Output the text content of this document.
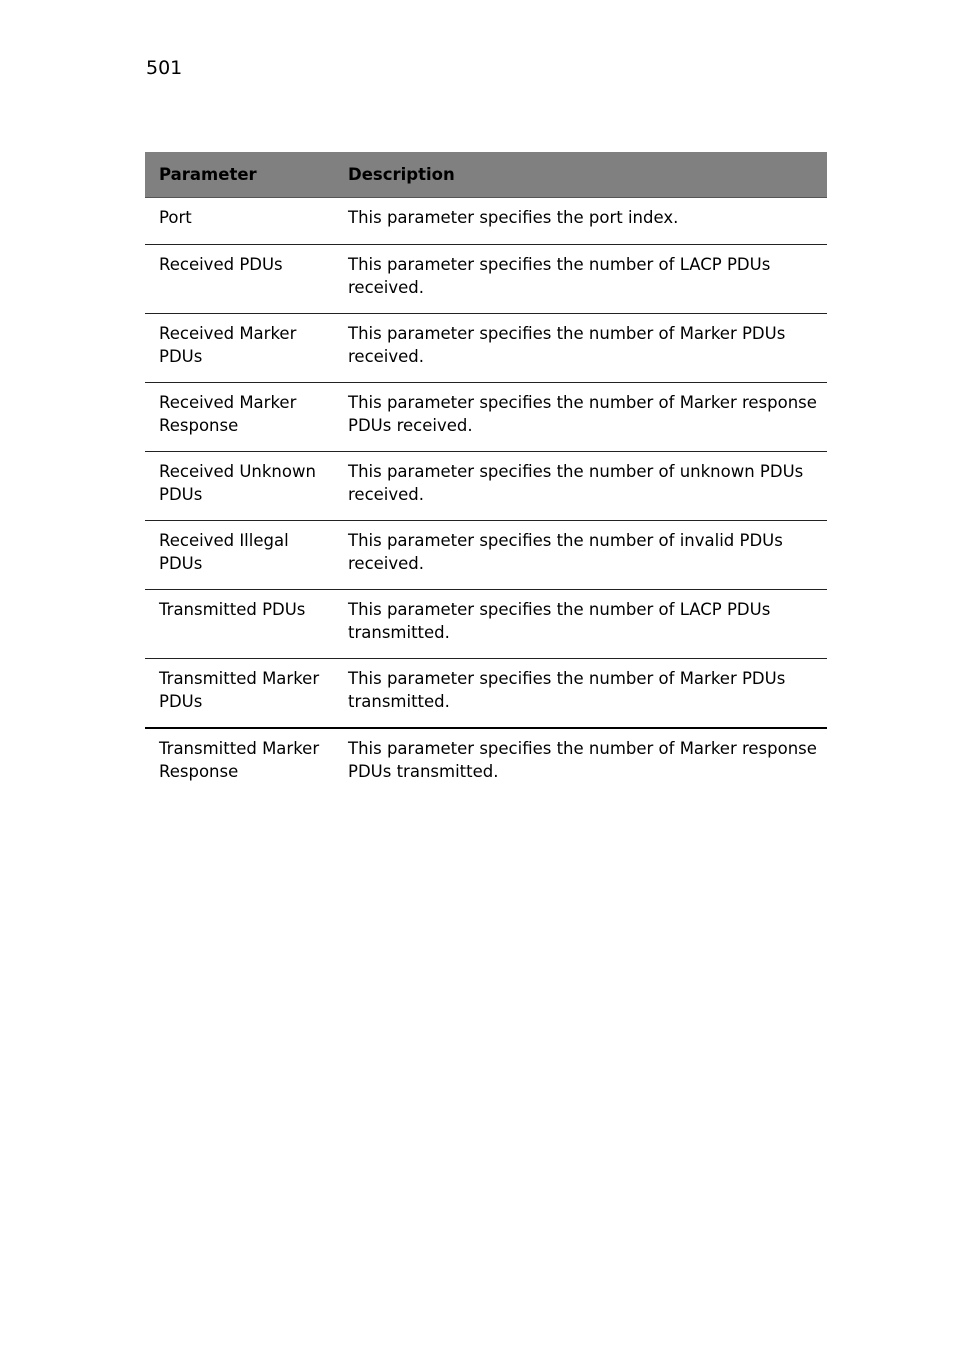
501
Parameter	Description
Port	This parameter specifies the port index.
Received PDUs	This parameter specifies the number of LACP PDUs received.
Received Marker PDUs	This parameter specifies the number of Marker PDUs received.
Received Marker Response	This parameter specifies the number of Marker response PDUs received.
Received Unknown PDUs	This parameter specifies the number of unknown PDUs received.
Received Illegal PDUs	This parameter specifies the number of invalid PDUs received.
Transmitted PDUs	This parameter specifies the number of LACP PDUs transmitted.
Transmitted Marker PDUs	This parameter specifies the number of Marker PDUs transmitted.
Transmitted Marker Response	This parameter specifies the number of Marker response PDUs transmitted.
